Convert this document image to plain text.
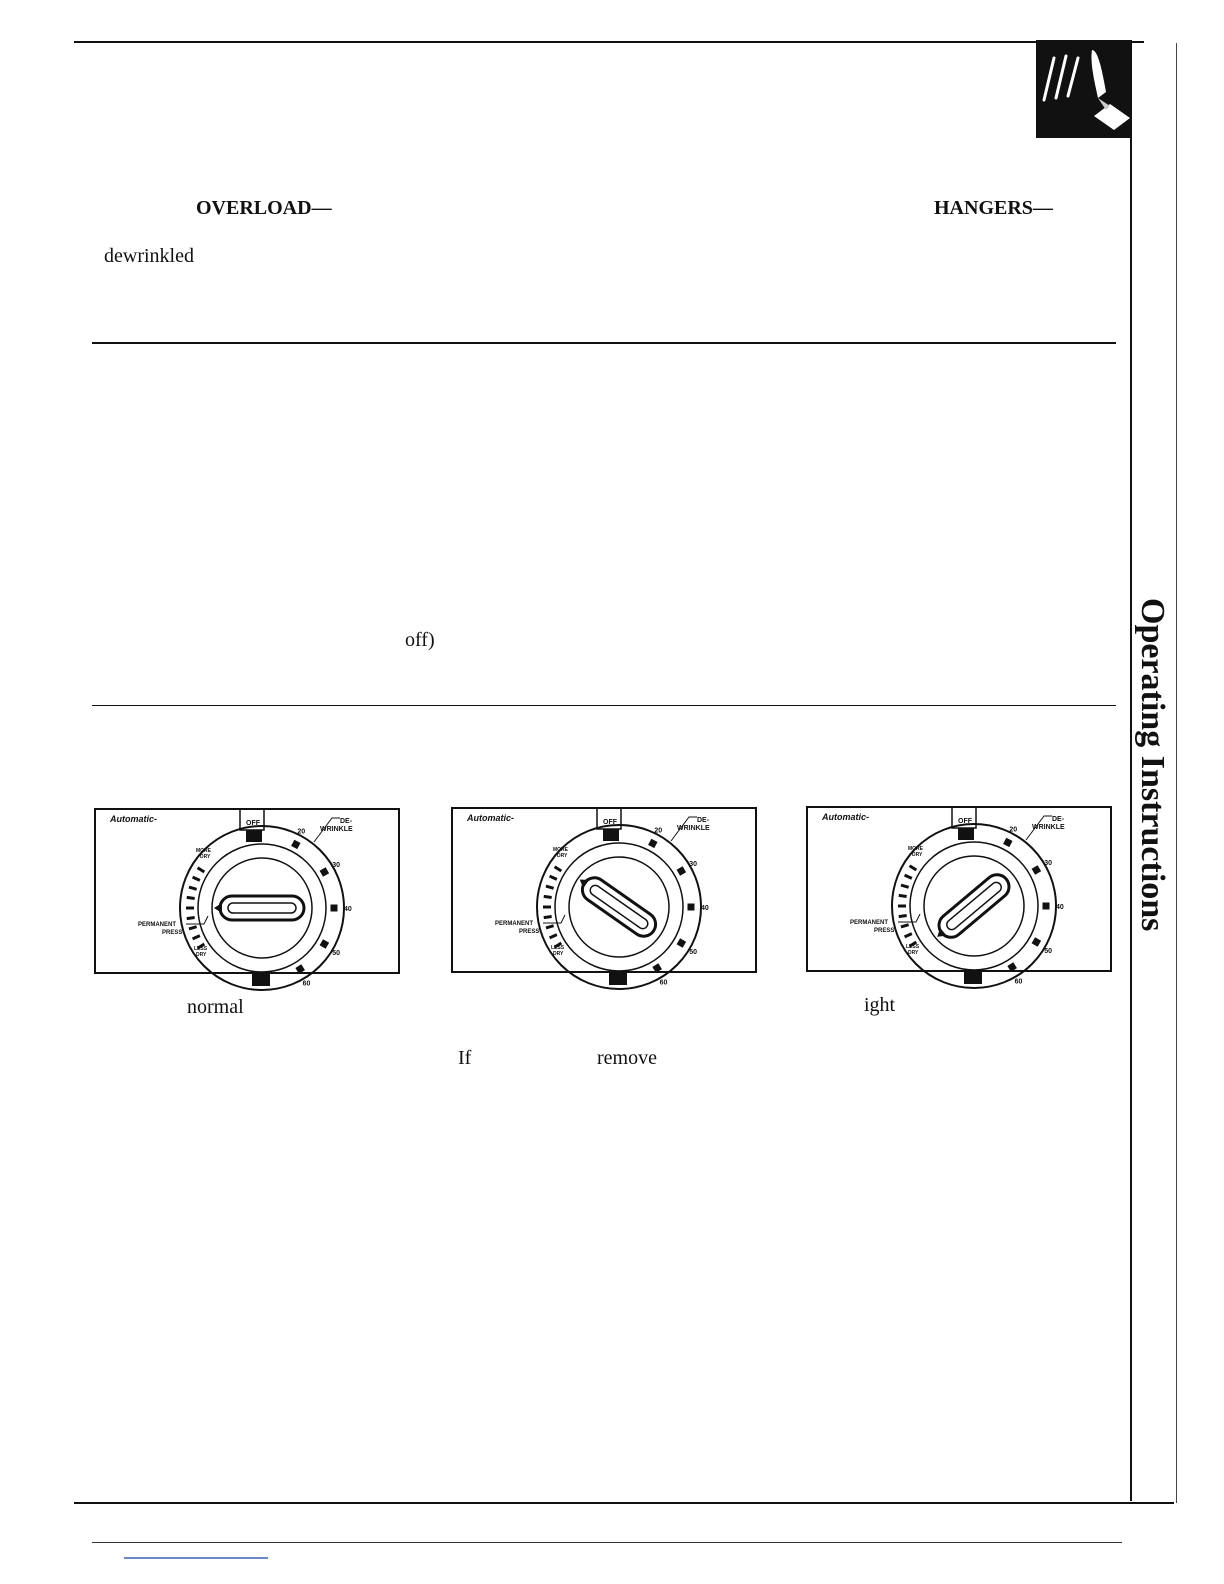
OVERLOAD—	HANGERS—
dewrinkled
off)
Automatic-	OFF
20
30
40
50
60
MORE
DRY
PERMANENT
PRESS
LESS
DRY
DE-
WRINKLE
Automatic-	OFF
20
30
40
50
60
MORE
DRY
PERMANENT
PRESS
LESS
DRY
DE-
WRINKLE
Automatic-	OFF
20
30
40
50
60
MORE
DRY
PERMANENT
PRESS
LESS
DRY
DE-
WRINKLE
normal	ight
If	remove
Operating Instructions
